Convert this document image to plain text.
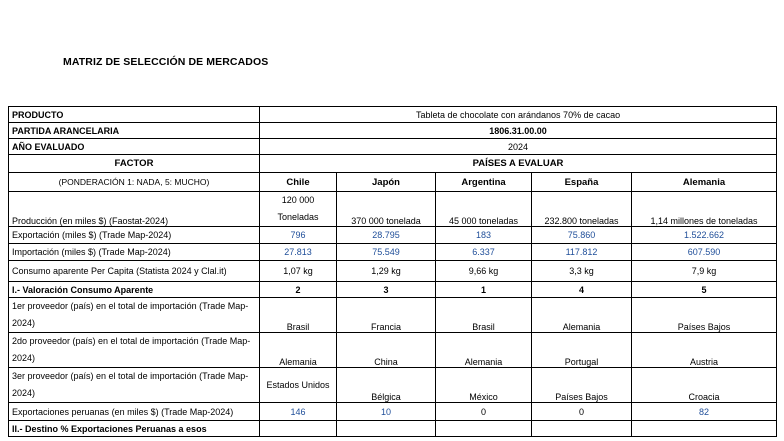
MATRIZ DE SELECCIÓN DE MERCADOS
PRODUCTO	Tableta de chocolate con arándanos 70% de cacao				
PARTIDA ARANCELARIA	1806.31.00.00				
AÑO EVALUADO	2024				
FACTOR	PAÍSES A EVALUAR				
(PONDERACIÓN 1: NADA, 5: MUCHO)	Chile	Japón	Argentina	España	Alemania
Producción (en miles $) (Faostat-2024)	120 000 Toneladas	370 000 tonelada	45 000 toneladas	232.800 toneladas	1,14 millones de toneladas
Exportación (miles $) (Trade Map-2024)	796	28.795	183	75.860	1.522.662
Importación (miles $) (Trade Map-2024)	27.813	75.549	6.337	117.812	607.590
Consumo aparente Per Capita (Statista 2024 y Clal.it)	1,07 kg	1,29 kg	9,66 kg	3,3 kg	7,9 kg
I.- Valoración Consumo Aparente	2	3	1	4	5
1er proveedor (país) en el total de importación (Trade Map-2024)	Brasil	Francia	Brasil	Alemania	Países Bajos
2do proveedor (país) en el total de importación (Trade Map-2024)	Alemania	China	Alemania	Portugal	Austria
3er proveedor (país) en el total de importación (Trade Map-2024)	Estados Unidos	Bélgica	México	Países Bajos	Croacia
Exportaciones peruanas (en miles $) (Trade Map-2024)	146	10	0	0	82
II.- Destino % Exportaciones Peruanas a esos					
